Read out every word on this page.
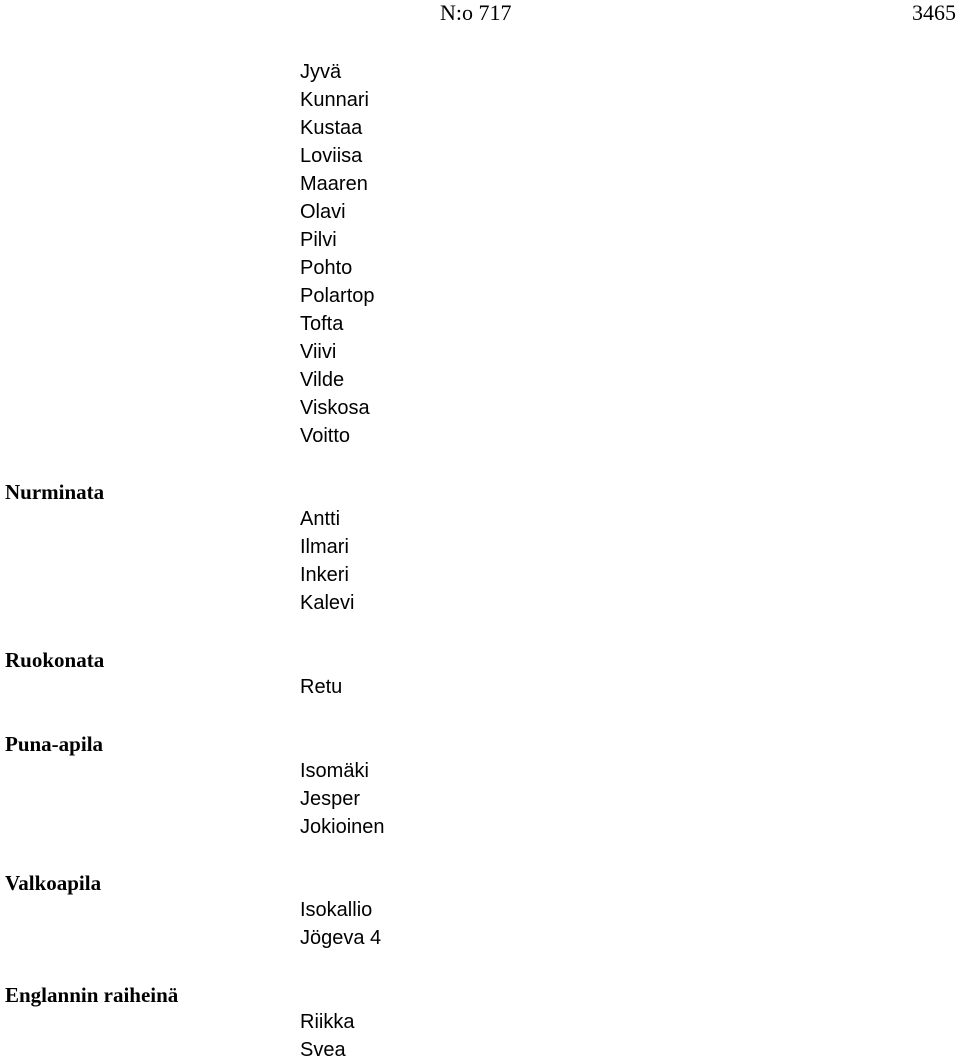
N:o 717	3465
Jyvä
Kunnari
Kustaa
Loviisa
Maaren
Olavi
Pilvi
Pohto
Polartop
Tofta
Viivi
Vilde
Viskosa
Voitto
Nurminata
Antti
Ilmari
Inkeri
Kalevi
Ruokonata
Retu
Puna-apila
Isomäki
Jesper
Jokioinen
Valkoapila
Isokallio
Jögeva 4
Englannin raiheinä
Riikka
Svea
